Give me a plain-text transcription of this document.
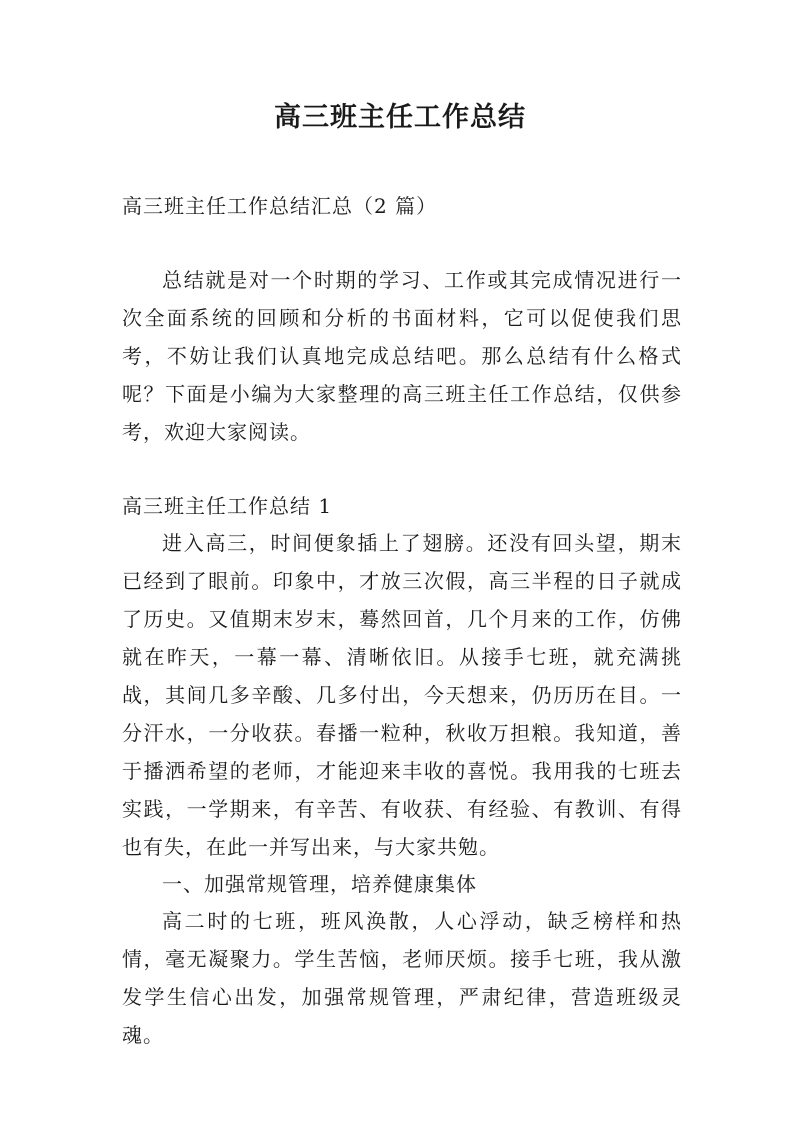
高三班主任工作总结
高三班主任工作总结汇总（2 篇）
总结就是对一个时期的学习、工作或其完成情况进行一次全面系统的回顾和分析的书面材料，它可以促使我们思考，不妨让我们认真地完成总结吧。那么总结有什么格式呢？下面是小编为大家整理的高三班主任工作总结，仅供参考，欢迎大家阅读。
高三班主任工作总结 1
进入高三，时间便象插上了翅膀。还没有回头望，期末已经到了眼前。印象中，才放三次假，高三半程的日子就成了历史。又值期末岁末，蓦然回首，几个月来的工作，仿佛就在昨天，一幕一幕、清晰依旧。从接手七班，就充满挑战，其间几多辛酸、几多付出，今天想来，仍历历在目。一分汗水，一分收获。春播一粒种，秋收万担粮。我知道，善于播洒希望的老师，才能迎来丰收的喜悦。我用我的七班去实践，一学期来，有辛苦、有收获、有经验、有教训、有得也有失，在此一并写出来，与大家共勉。
一、加强常规管理，培养健康集体
高二时的七班，班风涣散，人心浮动，缺乏榜样和热情，毫无凝聚力。学生苦恼，老师厌烦。接手七班，我从激发学生信心出发，加强常规管理，严肃纪律，营造班级灵魂。
